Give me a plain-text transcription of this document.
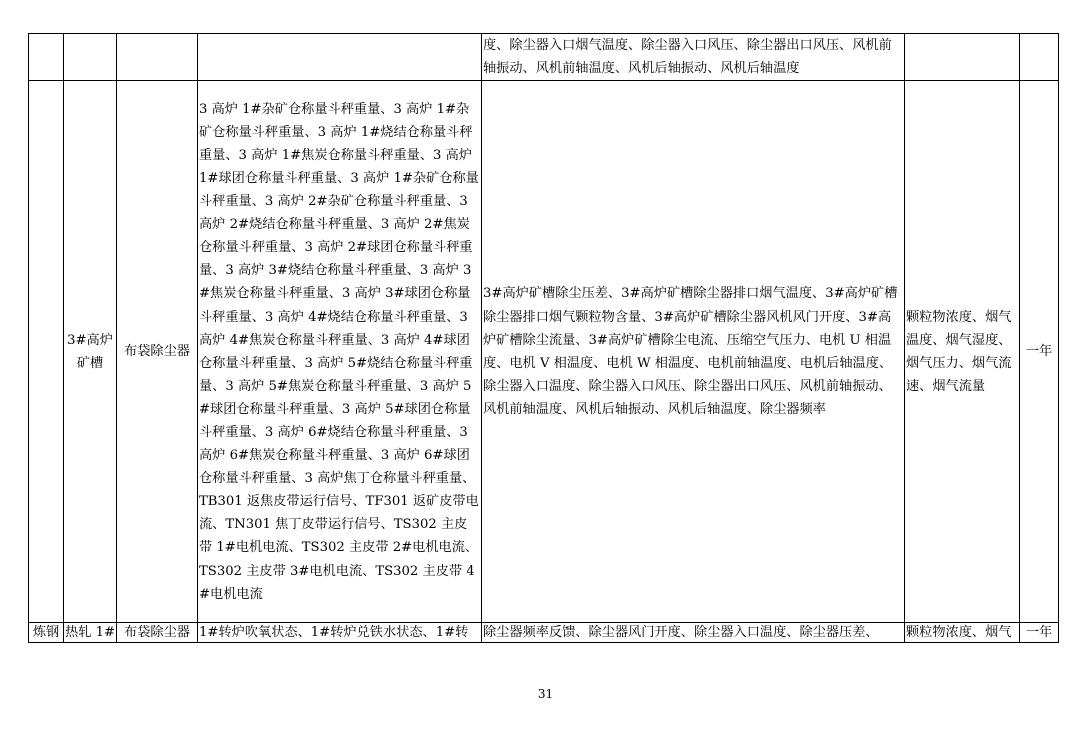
				度、除尘器入口烟气温度、除尘器入口风压、除尘器出口风压、风机前轴振动、风机前轴温度、风机后轴振动、风机后轴温度		
	3#高炉矿槽	布袋除尘器	3 高炉 1#杂矿仓称量斗秤重量、3 高炉 1#杂矿仓称量斗秤重量、3 高炉 1#烧结仓称量斗秤重量、3 高炉 1#焦炭仓称量斗秤重量、3 高炉 1#球团仓称量斗秤重量、3 高炉 1#杂矿仓称量斗秤重量、3 高炉 2#杂矿仓称量斗秤重量、3 高炉 2#烧结仓称量斗秤重量、3 高炉 2#焦炭仓称量斗秤重量、3 高炉 2#球团仓称量斗秤重量、3 高炉 3#烧结仓称量斗秤重量、3 高炉 3#焦炭仓称量斗秤重量、3 高炉 3#球团仓称量斗秤重量、3 高炉 4#烧结仓称量斗秤重量、3 高炉 4#焦炭仓称量斗秤重量、3 高炉 4#球团仓称量斗秤重量、3 高炉 5#烧结仓称量斗秤重量、3 高炉 5#焦炭仓称量斗秤重量、3 高炉 5#球团仓称量斗秤重量、3 高炉 5#球团仓称量斗秤重量、3 高炉 6#烧结仓称量斗秤重量、3 高炉 6#焦炭仓称量斗秤重量、3 高炉 6#球团仓称量斗秤重量、3 高炉焦丁仓称量斗秤重量、TB301 返焦皮带运行信号、TF301 返矿皮带电流、TN301 焦丁皮带运行信号、TS302 主皮带 1#电机电流、TS302 主皮带 2#电机电流、TS302 主皮带 3#电机电流、TS302 主皮带 4#电机电流	3#高炉矿槽除尘压差、3#高炉矿槽除尘器排口烟气温度、3#高炉矿槽除尘器排口烟气颗粒物含量、3#高炉矿槽除尘器风机风门开度、3#高炉矿槽除尘流量、3#高炉矿槽除尘电流、压缩空气压力、电机 U 相温度、电机 V 相温度、电机 W 相温度、电机前轴温度、电机后轴温度、除尘器入口温度、除尘器入口风压、除尘器出口风压、风机前轴振动、风机前轴温度、风机后轴振动、风机后轴温度、除尘器频率	颗粒物浓度、烟气温度、烟气湿度、烟气压力、烟气流速、烟气流量	一年
炼钢	热轧 1#	布袋除尘器	1#转炉吹氧状态、1#转炉兑铁水状态、1#转	除尘器频率反馈、除尘器风门开度、除尘器入口温度、除尘器压差、	颗粒物浓度、烟气	一年
31
